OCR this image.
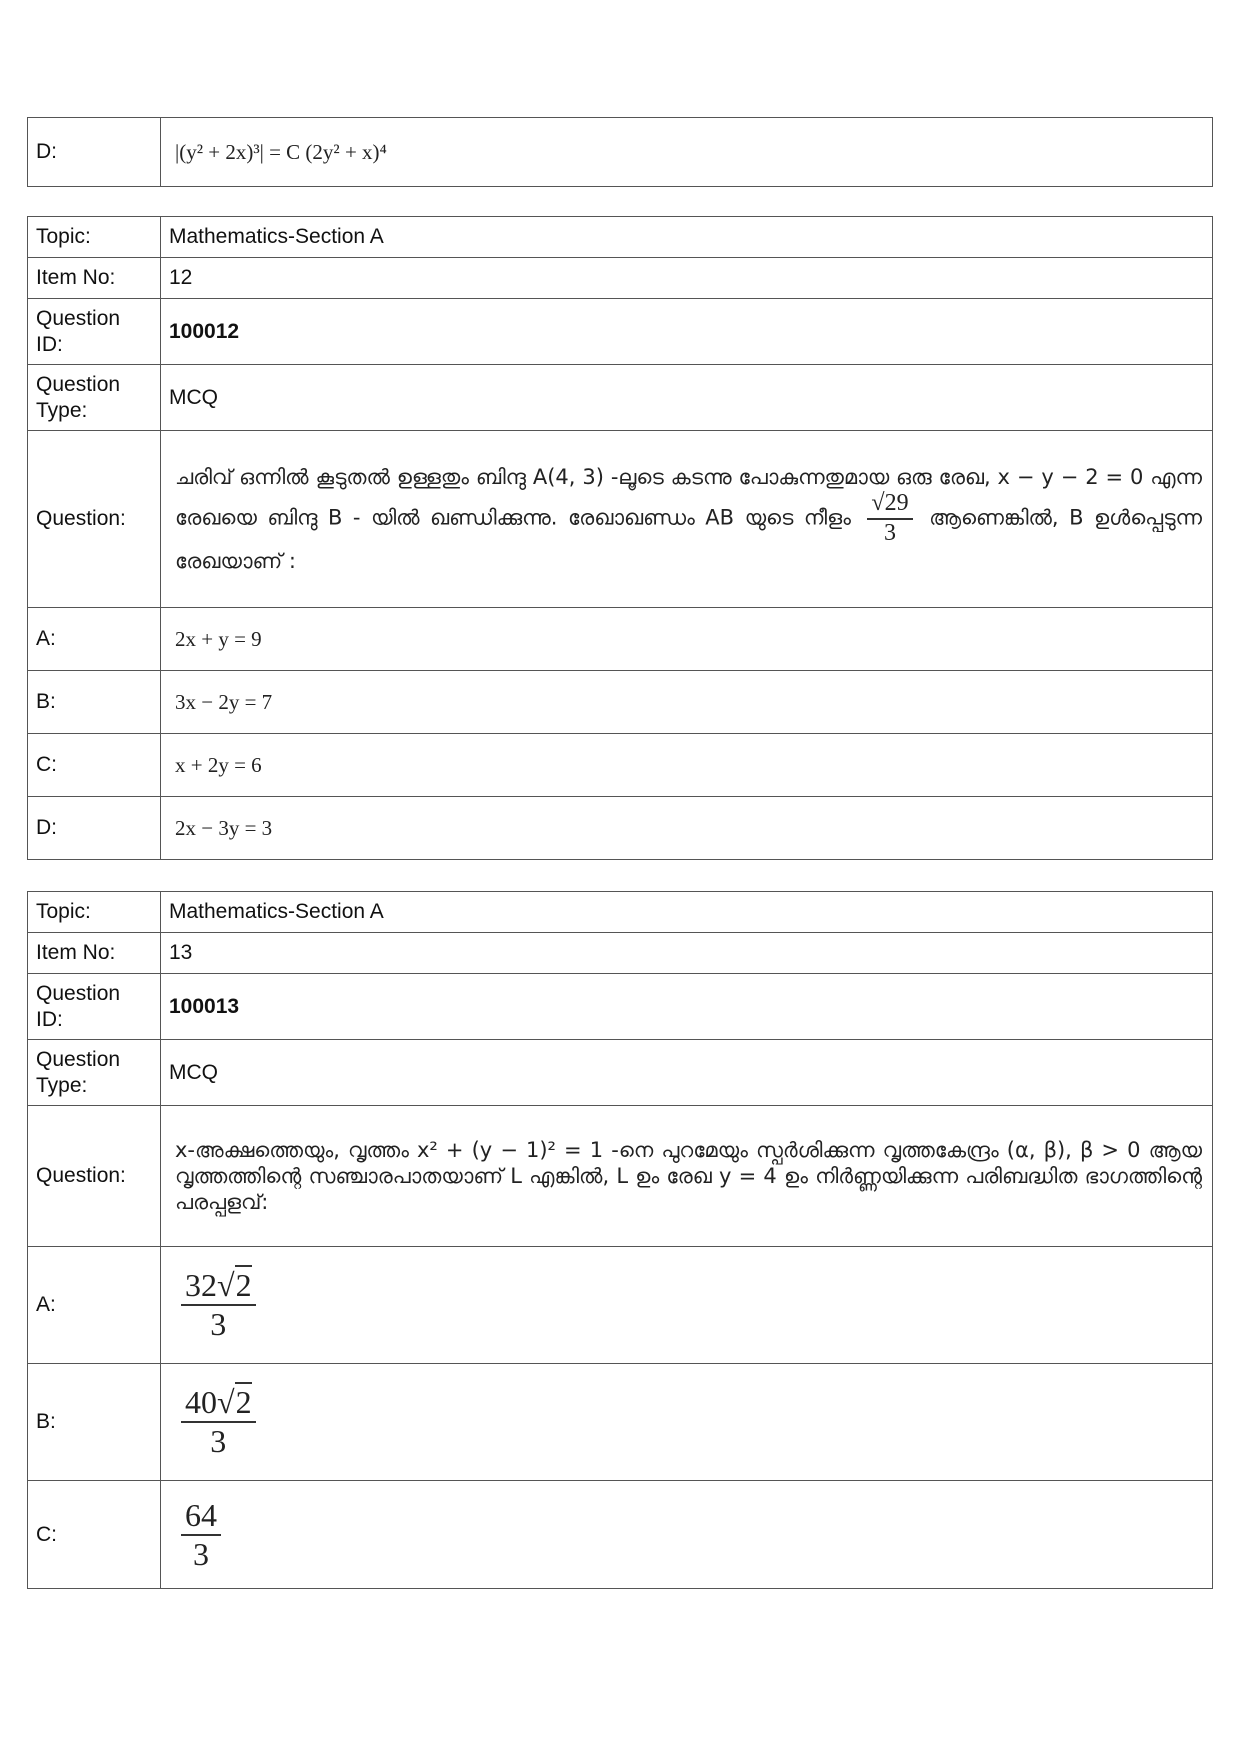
D:	|(y² + 2x)³| = C (2y² + x)⁴
Topic:	Mathematics-Section A
Item No:	12
Question ID:	100012
Question Type:	MCQ
Question:	ചരിവ് ഒന്നിൽ കൂടുതൽ ഉള്ളതും ബിന്ദു A(4, 3) -ലൂടെ കടന്നു പോകുന്നതുമായ ഒരു രേഖ, x − y − 2 = 0 എന്ന രേഖയെ ബിന്ദു B - യിൽ ഖണ്ഡിക്കുന്നു. രേഖാഖണ്ഡം AB യുടെ നീളം $\frac{√29}{3}$ ആണെങ്കിൽ, B ഉൾപ്പെടുന്ന രേഖയാണ് :
A:	2x + y = 9
B:	3x − 2y = 7
C:	x + 2y = 6
D:	2x − 3y = 3
Topic:	Mathematics-Section A
Item No:	13
Question ID:	100013
Question Type:	MCQ
Question:	x-അക്ഷത്തെയും, വൃത്തം x² + (y − 1)² = 1 -നെ പുറമേയും സ്പർശിക്കുന്ന വൃത്തകേന്ദ്രം (α, β), β > 0 ആയ വൃത്തത്തിന്റെ സഞ്ചാരപാതയാണ് L എങ്കിൽ, L ഉം രേഖ y = 4 ഉം നിർണ്ണയിക്കുന്ന പരിബദ്ധിത ഭാഗത്തിന്റെ പരപ്പളവ്:
A:	$\frac{32√2}{3}$

B:	$\frac{40√2}{3}$

C:	$\frac{64}{3}$
